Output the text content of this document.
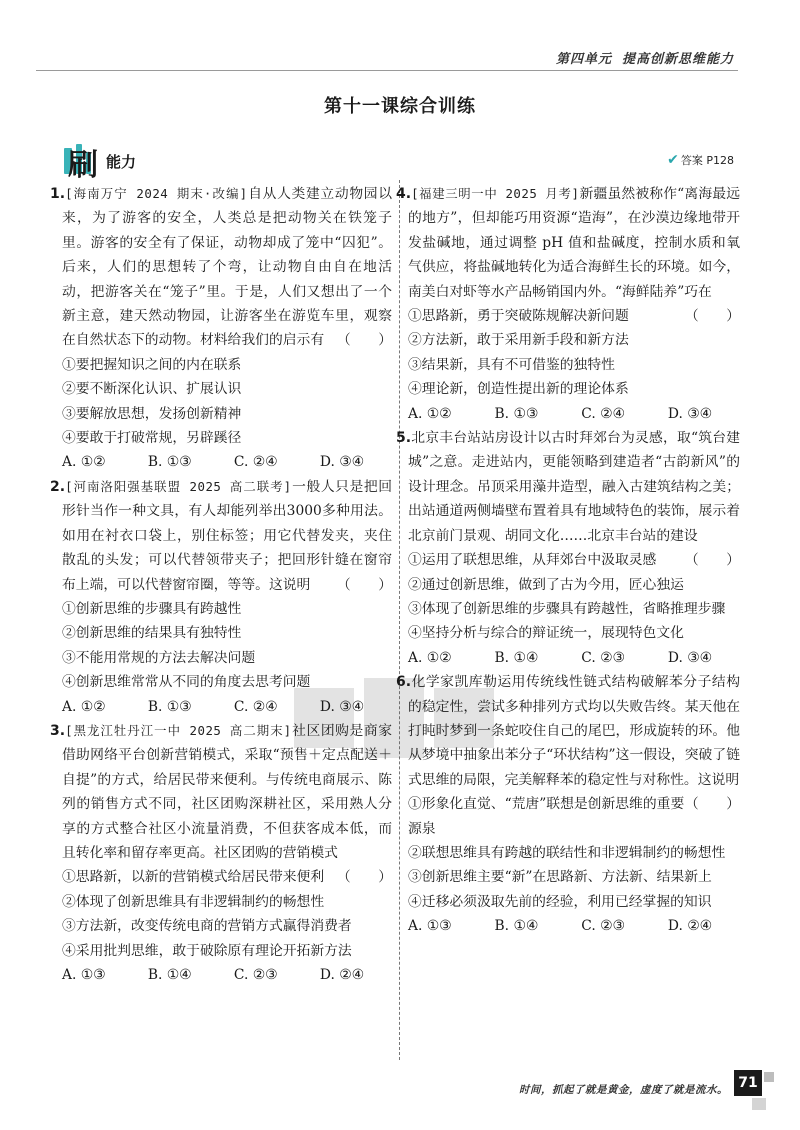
第四单元 提高创新思维能力
第十一课综合训练
刷 能力	✔ 答案 P128
1.[海南万宁 2024 期末·改编]自从人类建立动物园以来，为了游客的安全，人类总是把动物关在铁笼子里。游客的安全有了保证，动物却成了笼中“囚犯”。后来，人们的思想转了个弯，让动物自由自在地活动，把游客关在“笼子”里。于是，人们又想出了一个新主意，建天然动物园，让游客坐在游览车里，观察在自然状态下的动物。材料给我们的启示有 （　　）
①要把握知识之间的内在联系
②要不断深化认识、扩展认识
③要解放思想，发扬创新精神
④要敢于打破常规，另辟蹊径
A. ①②	B. ①③	C. ②④	D. ③④
2.[河南洛阳强基联盟 2025 高二联考]一般人只是把回形针当作一种文具，有人却能列举出3000多种用法。如用在衬衣口袋上，别住标签；用它代替发夹，夹住散乱的头发；可以代替领带夹子；把回形针缝在窗帘布上端，可以代替窗帘圈，等等。这说明 （　　）
①创新思维的步骤具有跨越性
②创新思维的结果具有独特性
③不能用常规的方法去解决问题
④创新思维常常从不同的角度去思考问题
A. ①②	B. ①③	C. ②④	D. ③④
3.[黑龙江牡丹江一中 2025 高二期末]社区团购是商家借助网络平台创新营销模式，采取“预售＋定点配送＋自提”的方式，给居民带来便利。与传统电商展示、陈列的销售方式不同，社区团购深耕社区，采用熟人分享的方式整合社区小流量消费，不但获客成本低，而且转化率和留存率更高。社区团购的营销模式
（　　）
①思路新，以新的营销模式给居民带来便利
②体现了创新思维具有非逻辑制约的畅想性
③方法新，改变传统电商的营销方式赢得消费者
④采用批判思维，敢于破除原有理论开拓新方法
A. ①③	B. ①④	C. ②③	D. ②④
4.[福建三明一中 2025 月考]新疆虽然被称作“离海最远的地方”，但却能巧用资源“造海”，在沙漠边缘地带开发盐碱地，通过调整 pH 值和盐碱度，控制水质和氧气供应，将盐碱地转化为适合海鲜生长的环境。如今，南美白对虾等水产品畅销国内外。“海鲜陆养”巧在
（　　）
①思路新，勇于突破陈规解决新问题
②方法新，敢于采用新手段和新方法
③结果新，具有不可借鉴的独特性
④理论新，创造性提出新的理论体系
A. ①②	B. ①③	C. ②④	D. ③④
5.北京丰台站站房设计以古时拜郊台为灵感，取“筑台建城”之意。走进站内，更能领略到建造者“古韵新风”的设计理念。吊顶采用藻井造型，融入古建筑结构之美；出站通道两侧墙壁布置着具有地域特色的装饰，展示着北京前门景观、胡同文化……北京丰台站的建设
（　　）
①运用了联想思维，从拜郊台中汲取灵感
②通过创新思维，做到了古为今用，匠心独运
③体现了创新思维的步骤具有跨越性，省略推理步骤
④坚持分析与综合的辩证统一，展现特色文化
A. ①②	B. ①④	C. ②③	D. ③④
6.化学家凯库勒运用传统线性链式结构破解苯分子结构的稳定性，尝试多种排列方式均以失败告终。某天他在打盹时梦到一条蛇咬住自己的尾巴，形成旋转的环。他从梦境中抽象出苯分子“环状结构”这一假设，突破了链式思维的局限，完美解释苯的稳定性与对称性。这说明
（　　）
①形象化直觉、“荒唐”联想是创新思维的重要源泉
②联想思维具有跨越的联结性和非逻辑制约的畅想性
③创新思维主要“新”在思路新、方法新、结果新上
④迁移必须汲取先前的经验，利用已经掌握的知识
A. ①③	B. ①④	C. ②③	D. ②④
时间，抓起了就是黄金，虚度了就是流水。 71
